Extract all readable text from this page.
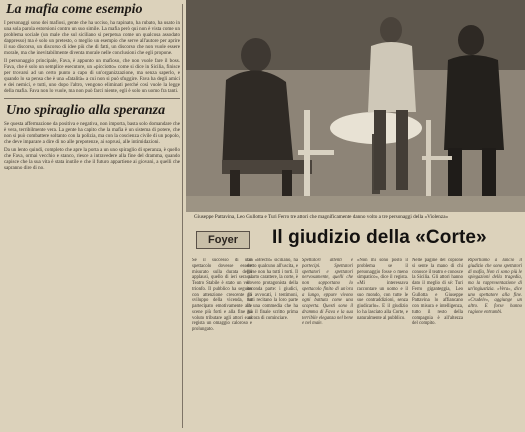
La mafia come esempio

I personaggi sono dei mafiosi, gente che ha ucciso, ha rapinato, ha rubato, ha usato in una sola parola estorsioni contro un suo simile. La mafia però qui non è vista come un problema sociale (un male che sul siciliano si perpetua come un qualcosa assodato dappresso) ma è solo un pretesto, o meglio un esempio che serve all'autore per aprire il suo discorso, un discorso di idee più che di fatti, un discorso che non vuole essere morale, ma che inevitabilmente diventa morale nelle conclusioni che egli propone.

Il personaggio principale, Fava, è appunto un mafioso, che non vuole fare il boss. Fava, che è solo un semplice esecutore, un «picciotto» come si dice in Sicilia, finisce per trovarsi ad un certo punto a capo di un'organizzazione, ma senza saperlo, e quando lo sa pensa che è una «fatalità» a cui non si può sfuggire. Fava ha degli amici e dei nemici, e tutti, uno dopo l'altro, vengono eliminati perché così vuole la legge della mafia. Fava non lo vuole, ma non può farci niente, egli è solo un uomo fra tanti.

Uno spiraglio alla speranza

Se questa affermazione da positiva e negativa, non importa, basta solo domandare che è vera, terribilmente vera. La gente ha capito che la mafia è un sistema di potere, che non si può combattere soltanto con la polizia, ma con la coscienza civile di un popolo, che deve imparare a dire di no alle prepotenze, ai soprusi, alle intimidazioni.

Da un lento quindi, completo che apre la porta a un uno spiraglio di speranza, è quello che Fava, ormai vecchio e stanco, riesce a intravedere alla fine del dramma, quando capisce che la sua vita è stata inutile e che il futuro appartiene ai giovani, a quelli che sapranno dire di no.

Giuseppe Pattavina, Leo Gullotta e Turi Ferro tre attori che magnificamente danno volto a tre personaggi della «Violenza»

Foyer	Il giudizio della «Corte»

Se il successo di uno spettacolo dovesse essere misurato sulla durata degli applausi, quello di ieri sera al Teatro Stabile è stato un vero trionfo. Il pubblico ha seguito con attenzione crescente lo sviluppo della vicenda, ha partecipato emotivamente alle scene più forti e alla fine ha voluto tributare agli attori e al regista un omaggio caloroso e prolungato.

Un «Brecht» siciliano, ha detto qualcuno all'uscita, e forse non ha tutti i torti. Il quarto carattere, la corte, è il vero protagonista della seconda parte: i giudici, gli avvocati, i testimoni, tutti recitano la loro parte in una commedia che ha già il finale scritto prima ancora di cominciare.

Spettatori attenti e partecipi. Spettatori spettatori e spettatori nervosamente, quelli che non sopportano lo spettacolo finito di un'ora a lungo, eppure vivono ogni battuta come una scoperta. Questi sono il dramma di Fava e la sua terribile eleganza nel bene e nel male.

«Non mi sono posto il problema se il personaggio fosse o meno simpatico», dice il regista. «Mi interessava raccontare un uomo e il suo mondo, con tutte le sue contraddizioni, senza giudicarlo». E il giudizio lo ha lasciato alla Corte, e naturalmente al pubblico.

Nelle pagine del copione si sente la mano di chi conosce il teatro e conosce la Sicilia. Gli attori hanno dato il meglio di sé: Turi Ferro giganteggia, Leo Gullotta e Giuseppe Pattavina lo affiancano con misura e intelligenza, tutto il resto della compagnia è all'altezza del compito.

Riportiamo a lancio il giudizio che sono spettatori di mafia, Non ci sono più le spiegazioni della tragedia, ma la rappresentazione di un'ingiustizia. «Vera», dice uno spettatore alla fine. «Crudele», aggiunge un altro. E forse hanno ragione entrambi.
